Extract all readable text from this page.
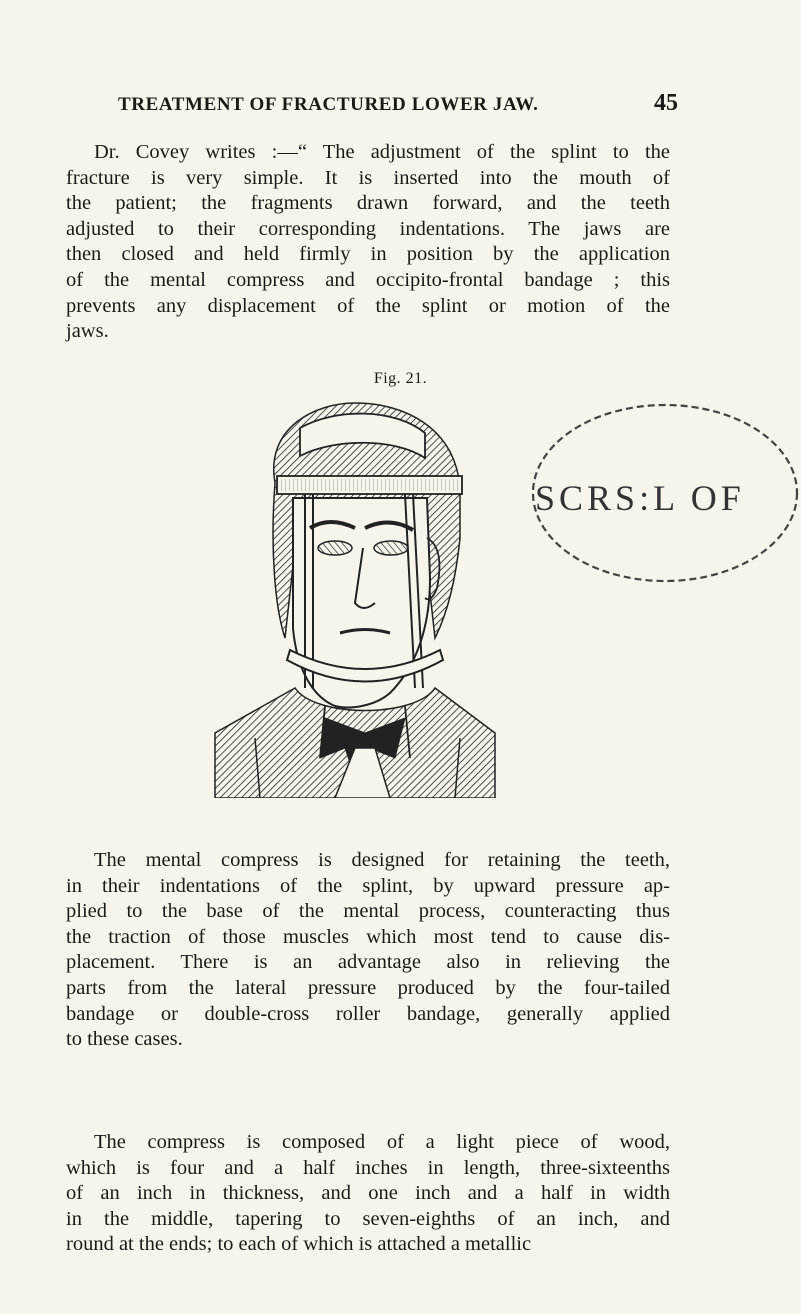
TREATMENT OF FRACTURED LOWER JAW.	45
Dr. Covey writes :—“ The adjustment of the splint to the
fracture is very simple. It is inserted into the mouth of
the patient; the fragments drawn forward, and the teeth
adjusted to their corresponding indentations. The jaws are
then closed and held firmly in position by the application
of the mental compress and occipito-frontal bandage ; this
prevents any displacement of the splint or motion of the
jaws.
Fig. 21.
SCRS:L OF
The mental compress is designed for retaining the teeth,
in their indentations of the splint, by upward pressure ap-
plied to the base of the mental process, counteracting thus
the traction of those muscles which most tend to cause dis-
placement. There is an advantage also in relieving the
parts from the lateral pressure produced by the four-tailed
bandage or double-cross roller bandage, generally applied
to these cases.
The compress is composed of a light piece of wood,
which is four and a half inches in length, three-sixteenths
of an inch in thickness, and one inch and a half in width
in the middle, tapering to seven-eighths of an inch, and
round at the ends; to each of which is attached a metallic
